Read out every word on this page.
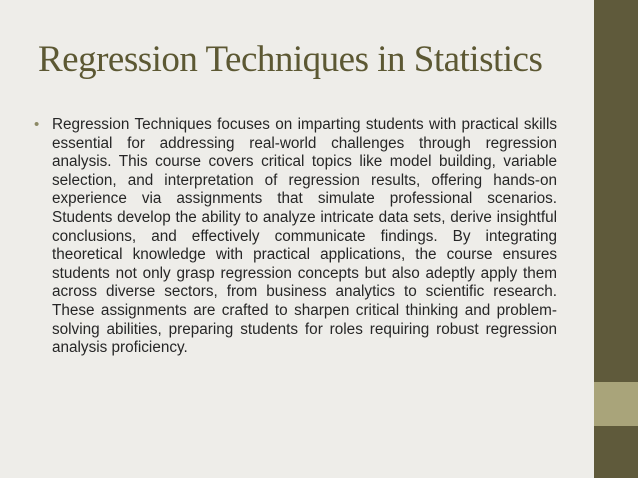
Regression Techniques in Statistics
• Regression Techniques focuses on imparting students with practical skills essential for addressing real-world challenges through regression analysis. This course covers critical topics like model building, variable selection, and interpretation of regression results, offering hands-on experience via assignments that simulate professional scenarios. Students develop the ability to analyze intricate data sets, derive insightful conclusions, and effectively communicate findings. By integrating theoretical knowledge with practical applications, the course ensures students not only grasp regression concepts but also adeptly apply them across diverse sectors, from business analytics to scientific research. These assignments are crafted to sharpen critical thinking and problem-solving abilities, preparing students for roles requiring robust regression analysis proficiency.
